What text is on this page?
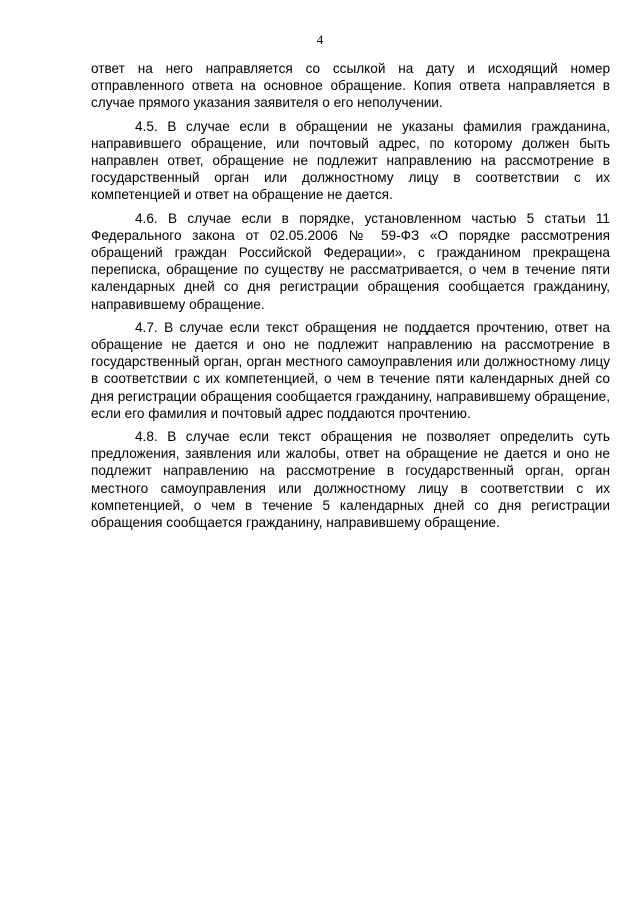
4

ответ на него направляется со ссылкой на дату и исходящий номер отправленного ответа на основное обращение. Копия ответа направляется в случае прямого указания заявителя о его неполучении.

4.5. В случае если в обращении не указаны фамилия гражданина, направившего обращение, или почтовый адрес, по которому должен быть направлен ответ, обращение не подлежит направлению на рассмотрение в государственный орган или должностному лицу в соответствии с их компетенцией и ответ на обращение не дается.

4.6. В случае если в порядке, установленном частью 5 статьи 11 Федерального закона от 02.05.2006 № 59-ФЗ «О порядке рассмотрения обращений граждан Российской Федерации», с гражданином прекращена переписка, обращение по существу не рассматривается, о чем в течение пяти календарных дней со дня регистрации обращения сообщается гражданину, направившему обращение.

4.7. В случае если текст обращения не поддается прочтению, ответ на обращение не дается и оно не подлежит направлению на рассмотрение в государственный орган, орган местного самоуправления или должностному лицу в соответствии с их компетенцией, о чем в течение пяти календарных дней со дня регистрации обращения сообщается гражданину, направившему обращение, если его фамилия и почтовый адрес поддаются прочтению.

4.8. В случае если текст обращения не позволяет определить суть предложения, заявления или жалобы, ответ на обращение не дается и оно не подлежит направлению на рассмотрение в государственный орган, орган местного самоуправления или должностному лицу в соответствии с их компетенцией, о чем в течение 5 календарных дней со дня регистрации обращения сообщается гражданину, направившему обращение.
